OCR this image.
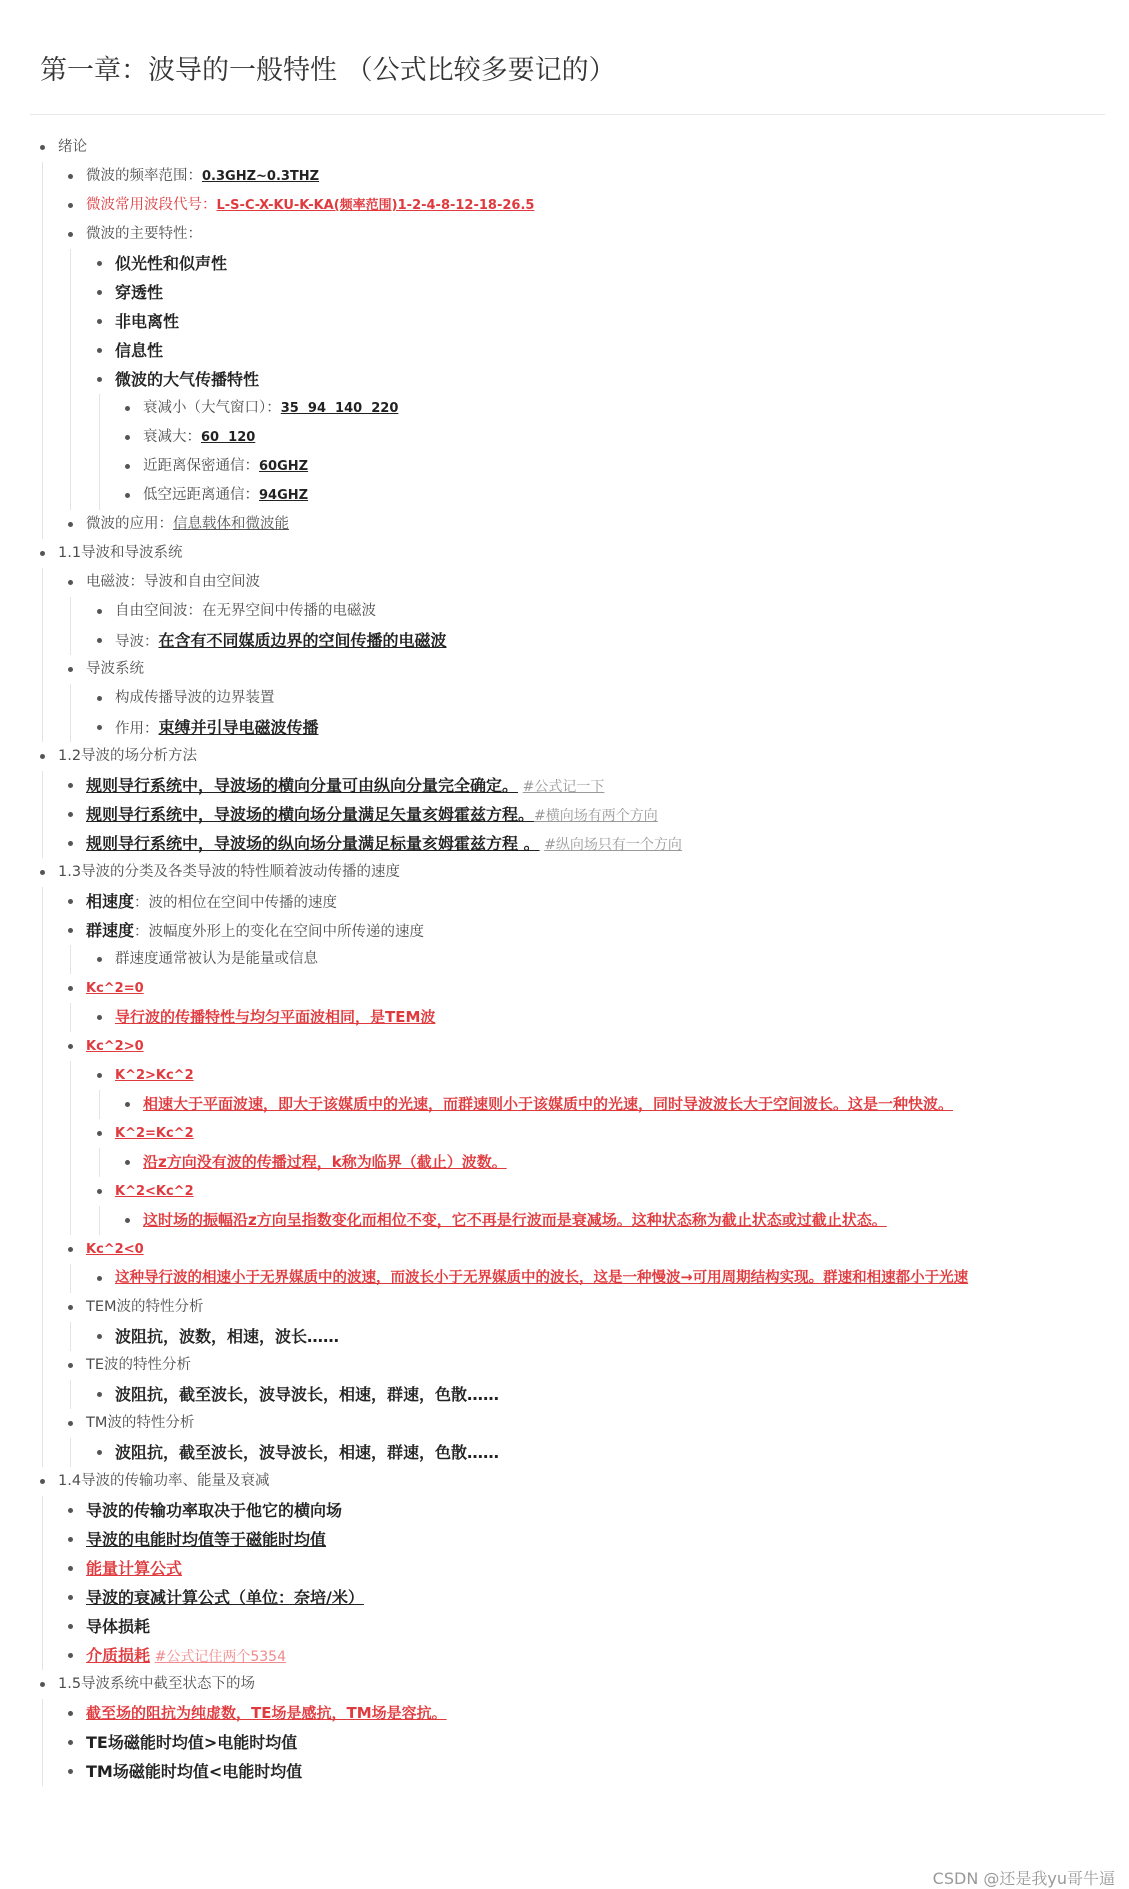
第一章：波导的一般特性 （公式比较多要记的）
绪论
微波的频率范围：0.3GHZ~0.3THZ
微波常用波段代号：L-S-C-X-KU-K-KA(频率范围)1-2-4-8-12-18-26.5
微波的主要特性：
似光性和似声性
穿透性
非电离性
信息性
微波的大气传播特性
衰减小（大气窗口）：35  94  140  220
衰减大：60  120
近距离保密通信：60GHZ
低空远距离通信：94GHZ
微波的应用：信息载体和微波能
1.1导波和导波系统
电磁波：导波和自由空间波
自由空间波：在无界空间中传播的电磁波
导波：在含有不同媒质边界的空间传播的电磁波
导波系统
构成传播导波的边界装置
作用：束缚并引导电磁波传播
1.2导波的场分析方法
规则导行系统中，导波场的横向分量可由纵向分量完全确定。 #公式记一下
规则导行系统中，导波场的横向场分量满足矢量亥姆霍兹方程。#横向场有两个方向
规则导行系统中，导波场的纵向场分量满足标量亥姆霍兹方程 。 #纵向场只有一个方向
1.3导波的分类及各类导波的特性顺着波动传播的速度
相速度：波的相位在空间中传播的速度
群速度：波幅度外形上的变化在空间中所传递的速度
群速度通常被认为是能量或信息
Kc^2=0
导行波的传播特性与均匀平面波相同，是TEM波
Kc^2>0
K^2>Kc^2
相速大于平面波速，即大于该媒质中的光速，而群速则小于该媒质中的光速，同时导波波长大于空间波长。这是一种快波。
K^2=Kc^2
沿z方向没有波的传播过程，k称为临界（截止）波数。
K^2<Kc^2
这时场的振幅沿z方向呈指数变化而相位不变，它不再是行波而是衰减场。这种状态称为截止状态或过截止状态。
Kc^2<0
这种导行波的相速小于无界媒质中的波速，而波长小于无界媒质中的波长，这是一种慢波→可用周期结构实现。群速和相速都小于光速
TEM波的特性分析
波阻抗，波数，相速，波长……
TE波的特性分析
波阻抗，截至波长，波导波长，相速，群速，色散……
TM波的特性分析
波阻抗，截至波长，波导波长，相速，群速，色散……
1.4导波的传输功率、能量及衰减
导波的传输功率取决于他它的横向场
导波的电能时均值等于磁能时均值
能量计算公式
导波的衰减计算公式（单位：奈培/米）
导体损耗
介质损耗 #公式记住两个5354
1.5导波系统中截至状态下的场
截至场的阻抗为纯虚数，TE场是感抗，TM场是容抗。
TE场磁能时均值>电能时均值
TM场磁能时均值<电能时均值
CSDN @还是我yu哥牛逼
